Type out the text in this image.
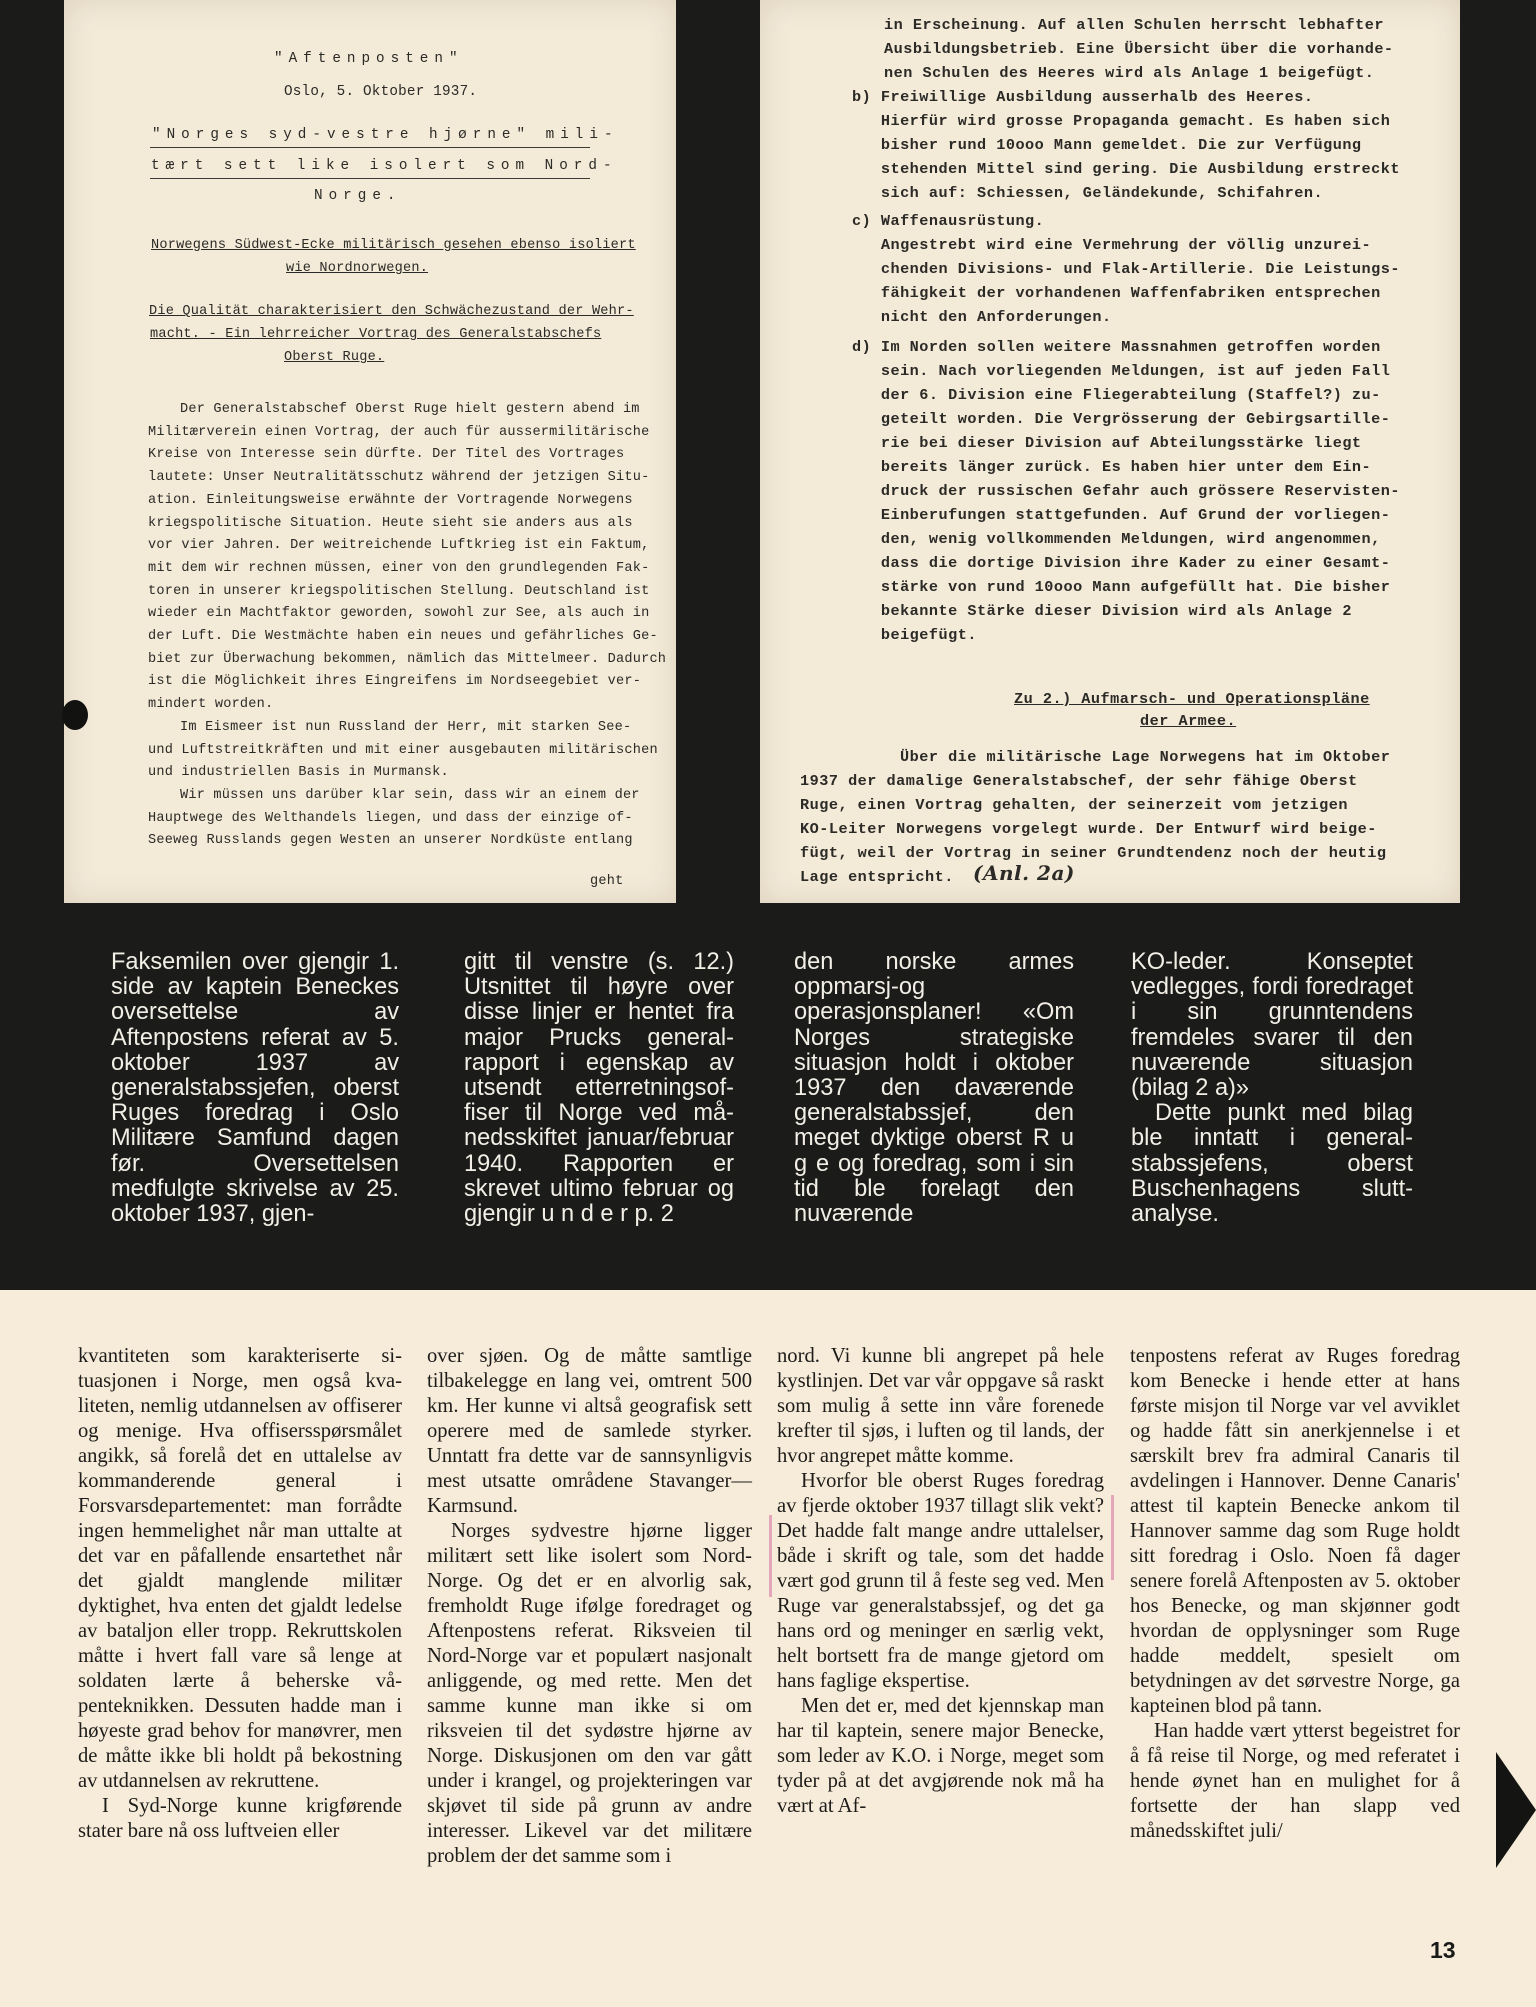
"Aftenposten"
Oslo, 5. Oktober 1937.
"Norges syd-vestre hjørne" mili-
tært sett like isolert som Nord-
Norge.
Norwegens Südwest-Ecke militärisch gesehen ebenso isoliert
wie Nordnorwegen.
Die Qualität charakterisiert den Schwächezustand der Wehr-
macht. - Ein lehrreicher Vortrag des Generalstabschefs
Oberst Ruge.
Der Generalstabschef Oberst Ruge hielt gestern abend im
Militærverein einen Vortrag, der auch für aussermilitärische
Kreise von Interesse sein dürfte. Der Titel des Vortrages
lautete: Unser Neutralitätsschutz während der jetzigen Situ-
ation. Einleitungsweise erwähnte der Vortragende Norwegens
kriegspolitische Situation. Heute sieht sie anders aus als
vor vier Jahren. Der weitreichende Luftkrieg ist ein Faktum,
mit dem wir rechnen müssen, einer von den grundlegenden Fak-
toren in unserer kriegspolitischen Stellung. Deutschland ist
wieder ein Machtfaktor geworden, sowohl zur See, als auch in
der Luft. Die Westmächte haben ein neues und gefährliches Ge-
biet zur Überwachung bekommen, nämlich das Mittelmeer. Dadurch
ist die Möglichkeit ihres Eingreifens im Nordseegebiet ver-
mindert worden.
Im Eismeer ist nun Russland der Herr, mit starken See-
und Luftstreitkräften und mit einer ausgebauten militärischen
und industriellen Basis in Murmansk.
Wir müssen uns darüber klar sein, dass wir an einem der
Hauptwege des Welthandels liegen, und dass der einzige of-
Seeweg Russlands gegen Westen an unserer Nordküste entlang
geht
in Erscheinung. Auf allen Schulen herrscht lebhafter
Ausbildungsbetrieb. Eine Übersicht über die vorhande-
nen Schulen des Heeres wird als Anlage 1 beigefügt.
b) Freiwillige Ausbildung ausserhalb des Heeres.
Hierfür wird grosse Propaganda gemacht. Es haben sich
bisher rund 10ooo Mann gemeldet. Die zur Verfügung
stehenden Mittel sind gering. Die Ausbildung erstreckt
sich auf: Schiessen, Geländekunde, Schifahren.
c) Waffenausrüstung.
Angestrebt wird eine Vermehrung der völlig unzurei-
chenden Divisions- und Flak-Artillerie. Die Leistungs-
fähigkeit der vorhandenen Waffenfabriken entsprechen
nicht den Anforderungen.
d) Im Norden sollen weitere Massnahmen getroffen worden
sein. Nach vorliegenden Meldungen, ist auf jeden Fall
der 6. Division eine Fliegerabteilung (Staffel?) zu-
geteilt worden. Die Vergrösserung der Gebirgsartille-
rie bei dieser Division auf Abteilungsstärke liegt
bereits länger zurück. Es haben hier unter dem Ein-
druck der russischen Gefahr auch grössere Reservisten-
Einberufungen stattgefunden. Auf Grund der vorliegen-
den, wenig vollkommenden Meldungen, wird angenommen,
dass die dortige Division ihre Kader zu einer Gesamt-
stärke von rund 10ooo Mann aufgefüllt hat. Die bisher
bekannte Stärke dieser Division wird als Anlage 2
beigefügt.
Zu 2.) Aufmarsch- und Operationspläne
der Armee.
Über die militärische Lage Norwegens hat im Oktober
1937 der damalige Generalstabschef, der sehr fähige Oberst
Ruge, einen Vortrag gehalten, der seinerzeit vom jetzigen
KO-Leiter Norwegens vorgelegt wurde. Der Entwurf wird beige-
fügt, weil der Vortrag in seiner Grundtendenz noch der heutig
Lage entspricht. (Anl. 2a)

Faksemilen over gjengir 1. side av kaptein Beneckes oversettelse av Aftenpostens referat av 5. oktober 1937 av generalstabssjefen, oberst Ruges foredrag i Oslo Militære Samfund dagen før. Oversettelsen medfulgte skrivelse av 25. oktober 1937, gjen-

gitt til venstre (s. 12.) Utsnittet til høyre over disse linjer er hentet fra major Prucks generalrapport i egenskap av utsendt etterretningsoffiser til Norge ved månedsskiftet januar/februar 1940. Rapporten er skrevet ultimo februar og gjengir u n d e r p. 2

den norske armes oppmarsj-og operasjonsplaner! «Om Norges strategiske situasjon holdt i oktober 1937 den daværende generalstabssjef, den meget dyktige oberst R u g e og foredrag, som i sin tid ble forelagt den nuværende

KO-leder. Konseptet vedlegges, fordi foredraget i sin grunntendens fremdeles svarer til den nuværende situasjon (bilag 2 a)»

Dette punkt med bilag ble inntatt i generalstabssjefens, oberst Buschenhagens sluttanalyse.

kvantiteten som karakteriserte situasjonen i Norge, men også kvaliteten, nemlig utdannelsen av offiserer og menige. Hva offisersspørsmålet angikk, så forelå det en uttalelse av kommanderende general i Forsvarsdepartementet: man forrådte ingen hemmelighet når man uttalte at det var en påfallende ensartethet når det gjaldt manglende militær dyktighet, hva enten det gjaldt ledelse av bataljon eller tropp. Rekruttskolen måtte i hvert fall vare så lenge at soldaten lærte å beherske våpenteknikken. Dessuten hadde man i høyeste grad behov for manøvrer, men de måtte ikke bli holdt på bekostning av utdannelsen av rekruttene.

I Syd-Norge kunne krigførende stater bare nå oss luftveien eller

over sjøen. Og de måtte samtlige tilbakelegge en lang vei, omtrent 500 km. Her kunne vi altså geografisk sett operere med de samlede styrker. Unntatt fra dette var de sannsynligvis mest utsatte områdene Stavanger—Karmsund.

Norges sydvestre hjørne ligger militært sett like isolert som Nord-Norge. Og det er en alvorlig sak, fremholdt Ruge ifølge foredraget og Aftenpostens referat. Riksveien til Nord-Norge var et populært nasjonalt anliggende, og med rette. Men det samme kunne man ikke si om riksveien til det sydøstre hjørne av Norge. Diskusjonen om den var gått under i krangel, og projekteringen var skjøvet til side på grunn av andre interesser. Likevel var det militære problem der det samme som i

nord. Vi kunne bli angrepet på hele kystlinjen. Det var vår oppgave så raskt som mulig å sette inn våre forenede krefter til sjøs, i luften og til lands, der hvor angrepet måtte komme.

Hvorfor ble oberst Ruges foredrag av fjerde oktober 1937 tillagt slik vekt? Det hadde falt mange andre uttalelser, både i skrift og tale, som det hadde vært god grunn til å feste seg ved. Men Ruge var generalstabssjef, og det ga hans ord og meninger en særlig vekt, helt bortsett fra de mange gjetord om hans faglige ekspertise.

Men det er, med det kjennskap man har til kaptein, senere major Benecke, som leder av K.O. i Norge, meget som tyder på at det avgjørende nok må ha vært at Af-

tenpostens referat av Ruges foredrag kom Benecke i hende etter at hans første misjon til Norge var vel avviklet og hadde fått sin anerkjennelse i et særskilt brev fra admiral Canaris til avdelingen i Hannover. Denne Canaris' attest til kaptein Benecke ankom til Hannover samme dag som Ruge holdt sitt foredrag i Oslo. Noen få dager senere forelå Aftenposten av 5. oktober hos Benecke, og man skjønner godt hvordan de opplysninger som Ruge hadde meddelt, spesielt om betydningen av det sørvestre Norge, ga kapteinen blod på tann.

Han hadde vært ytterst begeistret for å få reise til Norge, og med referatet i hende øynet han en mulighet for å fortsette der han slapp ved månedsskiftet juli/

13
